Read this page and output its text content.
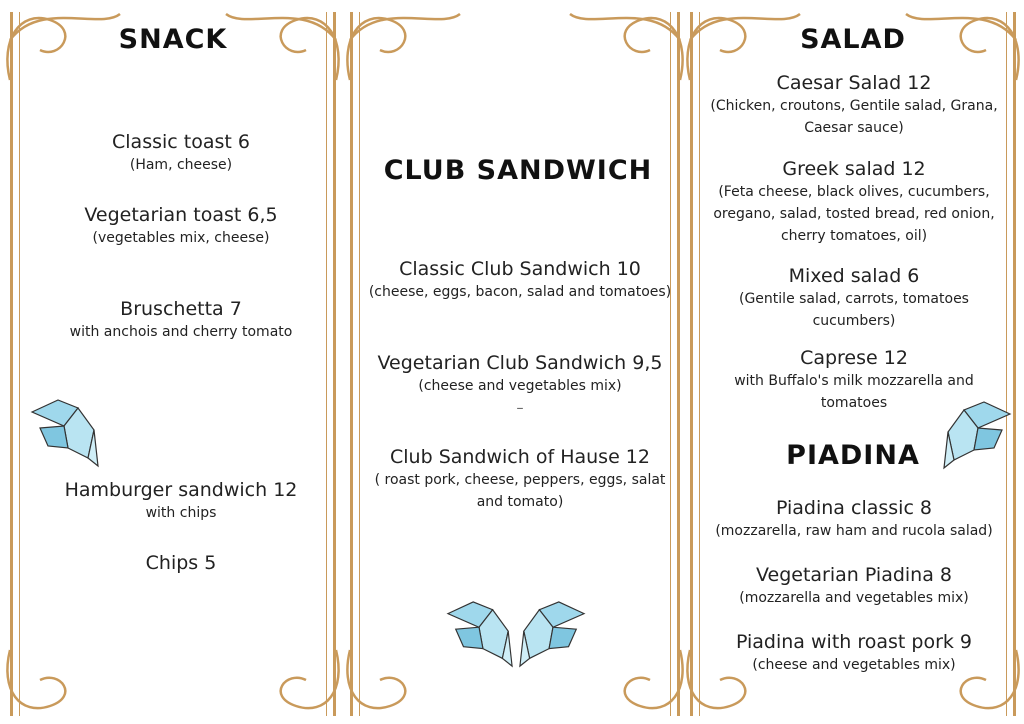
SNACK
Classic toast 6
(Ham, cheese)
Vegetarian toast 6,5
(vegetables mix, cheese)
Bruschetta 7
with anchois and cherry tomato
Hamburger sandwich 12
with chips
Chips 5
CLUB SANDWICH
Classic Club Sandwich 10
(cheese, eggs, bacon, salad and tomatoes)
Vegetarian Club Sandwich 9,5
(cheese and vegetables mix)
_
Club Sandwich of Hause 12
( roast pork, cheese, peppers, eggs, salat and tomato)
SALAD
Caesar Salad 12
(Chicken, croutons, Gentile salad, Grana, Caesar sauce)
Greek salad 12
(Feta cheese, black olives, cucumbers, oregano, salad, tosted bread, red onion, cherry tomatoes, oil)
Mixed salad 6
(Gentile salad, carrots, tomatoes cucumbers)
Caprese 12
with Buffalo's milk mozzarella and tomatoes
PIADINA
Piadina classic 8
(mozzarella, raw ham and rucola salad)
Vegetarian Piadina 8
(mozzarella and vegetables mix)
Piadina with roast pork 9
(cheese and vegetables mix)
